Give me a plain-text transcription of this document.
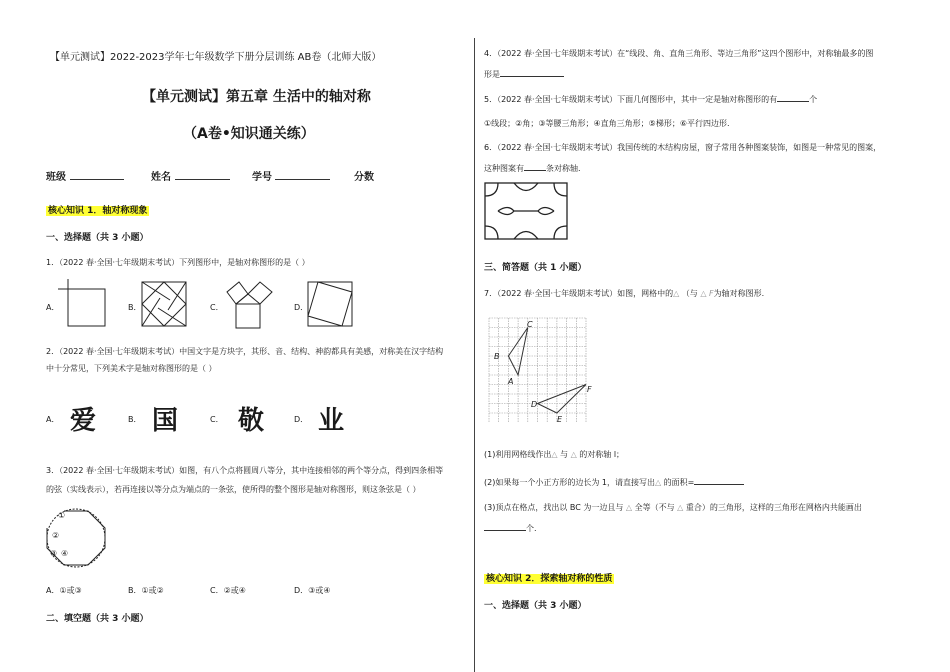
【单元测试】2022-2023学年七年级数学下册分层训练 AB卷（北师大版）
【单元测试】第五章 生活中的轴对称
（A卷•知识通关练）
班级	姓名	学号	分数
核心知识 1．轴对称现象
一、选择题（共 3 小题）
1．（2022 春·全国·七年级期末考试）下列图形中，是轴对称图形的是（ ）
A．	B．	C．	D．
2．（2022 春·全国·七年级期末考试）中国文字是方块字，其形、音、结构、神韵都具有美感，对称美在汉字结构
中十分常见，下列美术字是轴对称图形的是（ ）
A． 爱	B． 国	C． 敬	D． 业
3．（2022 春·全国·七年级期末考试）如图，有八个点将圆周八等分，其中连接相邻的两个等分点，得到四条相等
的弦（实线表示），若再连接以等分点为端点的一条弦，使所得的整个图形是轴对称图形，则这条弦是（ ）
①
②
③ ④
A．①或③	B．①或②	C．②或④	D．③或④
二、填空题（共 3 小题）
4．（2022 春·全国·七年级期末考试）在“线段、角、直角三角形、等边三角形”这四个图形中，对称轴最多的图
形是
5．（2022 春·全国·七年级期末考试）下面几何图形中，其中一定是轴对称图形的有	个
①线段；②角；③等腰三角形；④直角三角形；⑤梯形；⑥平行四边形.
6．（2022 春·全国·七年级期末考试）我国传统的木结构房屋，窗子常用各种图案装饰，如图是一种常见的图案，
这种图案有	条对称轴.
三、简答题（共 1 小题）
7．（2022 春·全国·七年级期末考试）如图，网格中的△ （与 △ F为轴对称图形.
C
B
A
D
F
E
(1)利用网格线作出△ 与 △ 的对称轴 l；
(2)如果每一个小正方形的边长为 1，请直接写出△ 的面积=
(3)顶点在格点，找出以 BC 为一边且与 △ 全等（不与 △ 重合）的三角形，这样的三角形在网格内共能画出
个.
核心知识 2．探索轴对称的性质
一、选择题（共 3 小题）
